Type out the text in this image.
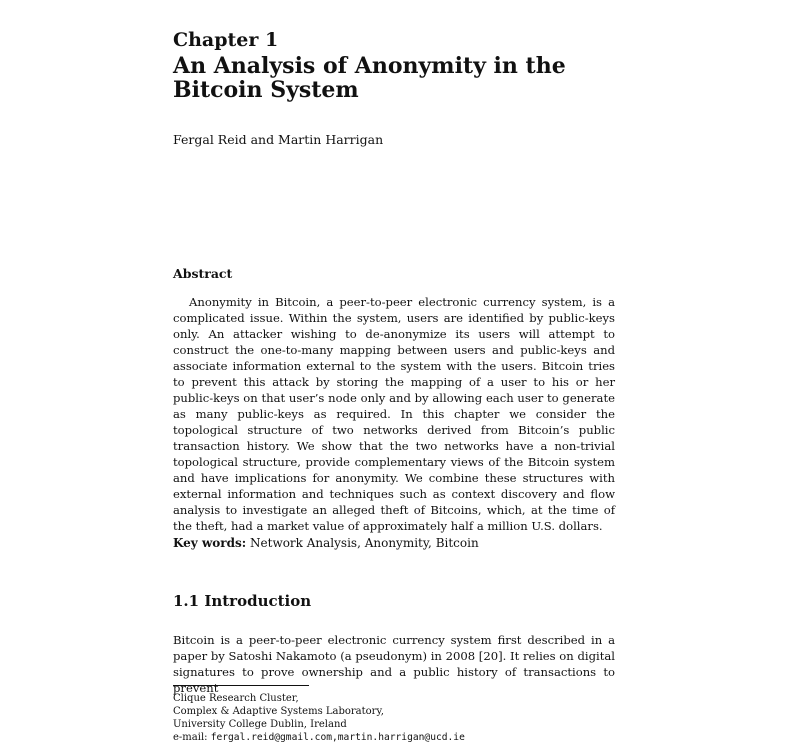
Chapter 1
An Analysis of Anonymity in the
Bitcoin System
Fergal Reid and Martin Harrigan
Abstract

Anonymity in Bitcoin, a peer-to-peer electronic currency system, is a complicated issue. Within the system, users are identified by public-keys only. An attacker wishing to de-anonymize its users will attempt to construct the one-to-many mapping between users and public-keys and associate information external to the system with the users. Bitcoin tries to prevent this attack by storing the mapping of a user to his or her public-keys on that user’s node only and by allowing each user to generate as many public-keys as required. In this chapter we consider the topological structure of two networks derived from Bitcoin’s public transaction history. We show that the two networks have a non-trivial topological structure, provide complementary views of the Bitcoin system and have implications for anonymity. We combine these structures with external information and techniques such as context discovery and flow analysis to investigate an alleged theft of Bitcoins, which, at the time of the theft, had a market value of approximately half a million U.S. dollars.

Key words: Network Analysis, Anonymity, Bitcoin
1.1 Introduction

Bitcoin is a peer-to-peer electronic currency system first described in a paper by Satoshi Nakamoto (a pseudonym) in 2008 [20]. It relies on digital signatures to prove ownership and a public history of transactions to prevent

Clique Research Cluster,
Complex & Adaptive Systems Laboratory,
University College Dublin, Ireland
e-mail: fergal.reid@gmail.com,martin.harrigan@ucd.ie
